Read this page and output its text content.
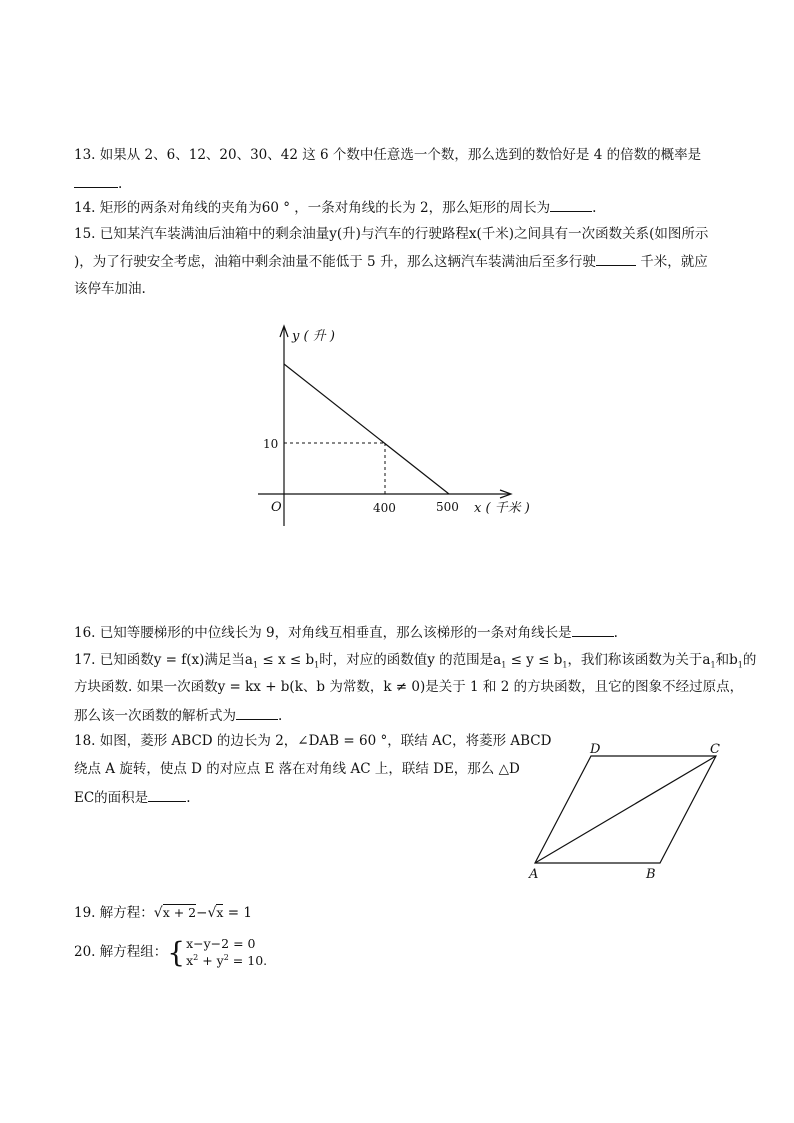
13. 如果从 2、6、12、20、30、42 这 6 个数中任意选一个数，那么选到的数恰好是 4 的倍数的概率是
.
14. 矩形的两条对角线的夹角为60 ° ，一条对角线的长为 2，那么矩形的周长为	.
15. 已知某汽车装满油后油箱中的剩余油量y(升)与汽车的行驶路程x(千米)之间具有一次函数关系(如图所示
)，为了行驶安全考虑，油箱中剩余油量不能低于 5 升，那么这辆汽车装满油后至多行驶	千米，就应
该停车加油.
y ( 升 )
x ( 千米 )
O
10
400	500
16. 已知等腰梯形的中位线长为 9，对角线互相垂直，那么该梯形的一条对角线长是	.
17. 已知函数y = f(x)满足当$a_1 \le x \le b_1$时，对应的函数值y 的范围是$a_1 \le y \le b_1$，我们称该函数为关于$a_1$和$b_1$的
方块函数. 如果一次函数y = kx + b(k、b 为常数，k ≠ 0)是关于 1 和 2 的方块函数，且它的图象不经过原点，
那么该一次函数的解析式为	.
18. 如图，菱形 ABCD 的边长为 2，∠DAB = 60 °，联结 AC，将菱形 ABCD
绕点 A 旋转，使点 D 的对应点 E 落在对角线 AC 上，联结 DE，那么 △D
EC的面积是	.
A	B
C
D
19. 解方程：√x + 2−√x = 1
20. 解方程组： { x−y−2 = 0
$x^2 + y^2 = 10$.
